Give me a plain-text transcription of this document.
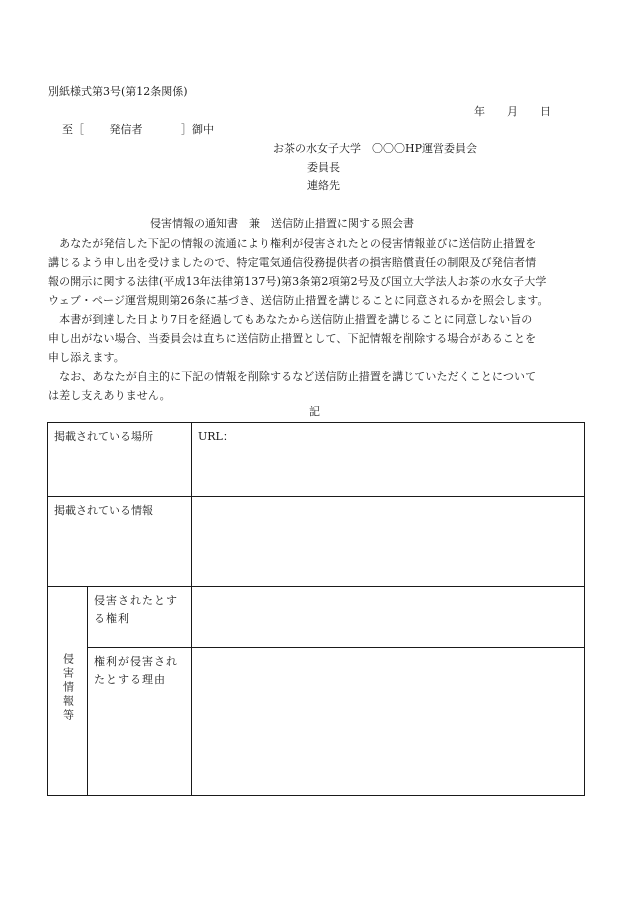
別紙様式第3号(第12条関係)
年　　月　　日
至［ 発信者	］御中
お茶の水女子大学　〇〇〇HP運営委員会
委員長
連絡先
侵害情報の通知書　兼　送信防止措置に関する照会書
　あなたが発信した下記の情報の流通により権利が侵害されたとの侵害情報並びに送信防止措置を
講じるよう申し出を受けましたので、特定電気通信役務提供者の損害賠償責任の制限及び発信者情
報の開示に関する法律(平成13年法律第137号)第3条第2項第2号及び国立大学法人お茶の水女子大学
ウェブ・ページ運営規則第26条に基づき、送信防止措置を講じることに同意されるかを照会します。
　本書が到達した日より7日を経過してもあなたから送信防止措置を講じることに同意しない旨の
申し出がない場合、当委員会は直ちに送信防止措置として、下記情報を削除する場合があることを
申し添えます。
　なお、あなたが自主的に下記の情報を削除するなど送信防止措置を講じていただくことについて
は差し支えありません。
記
掲載されている場所		URL：
掲載されている情報		
侵害情報等	侵害されたとする権利	

	権利が侵害されたとする理由	
